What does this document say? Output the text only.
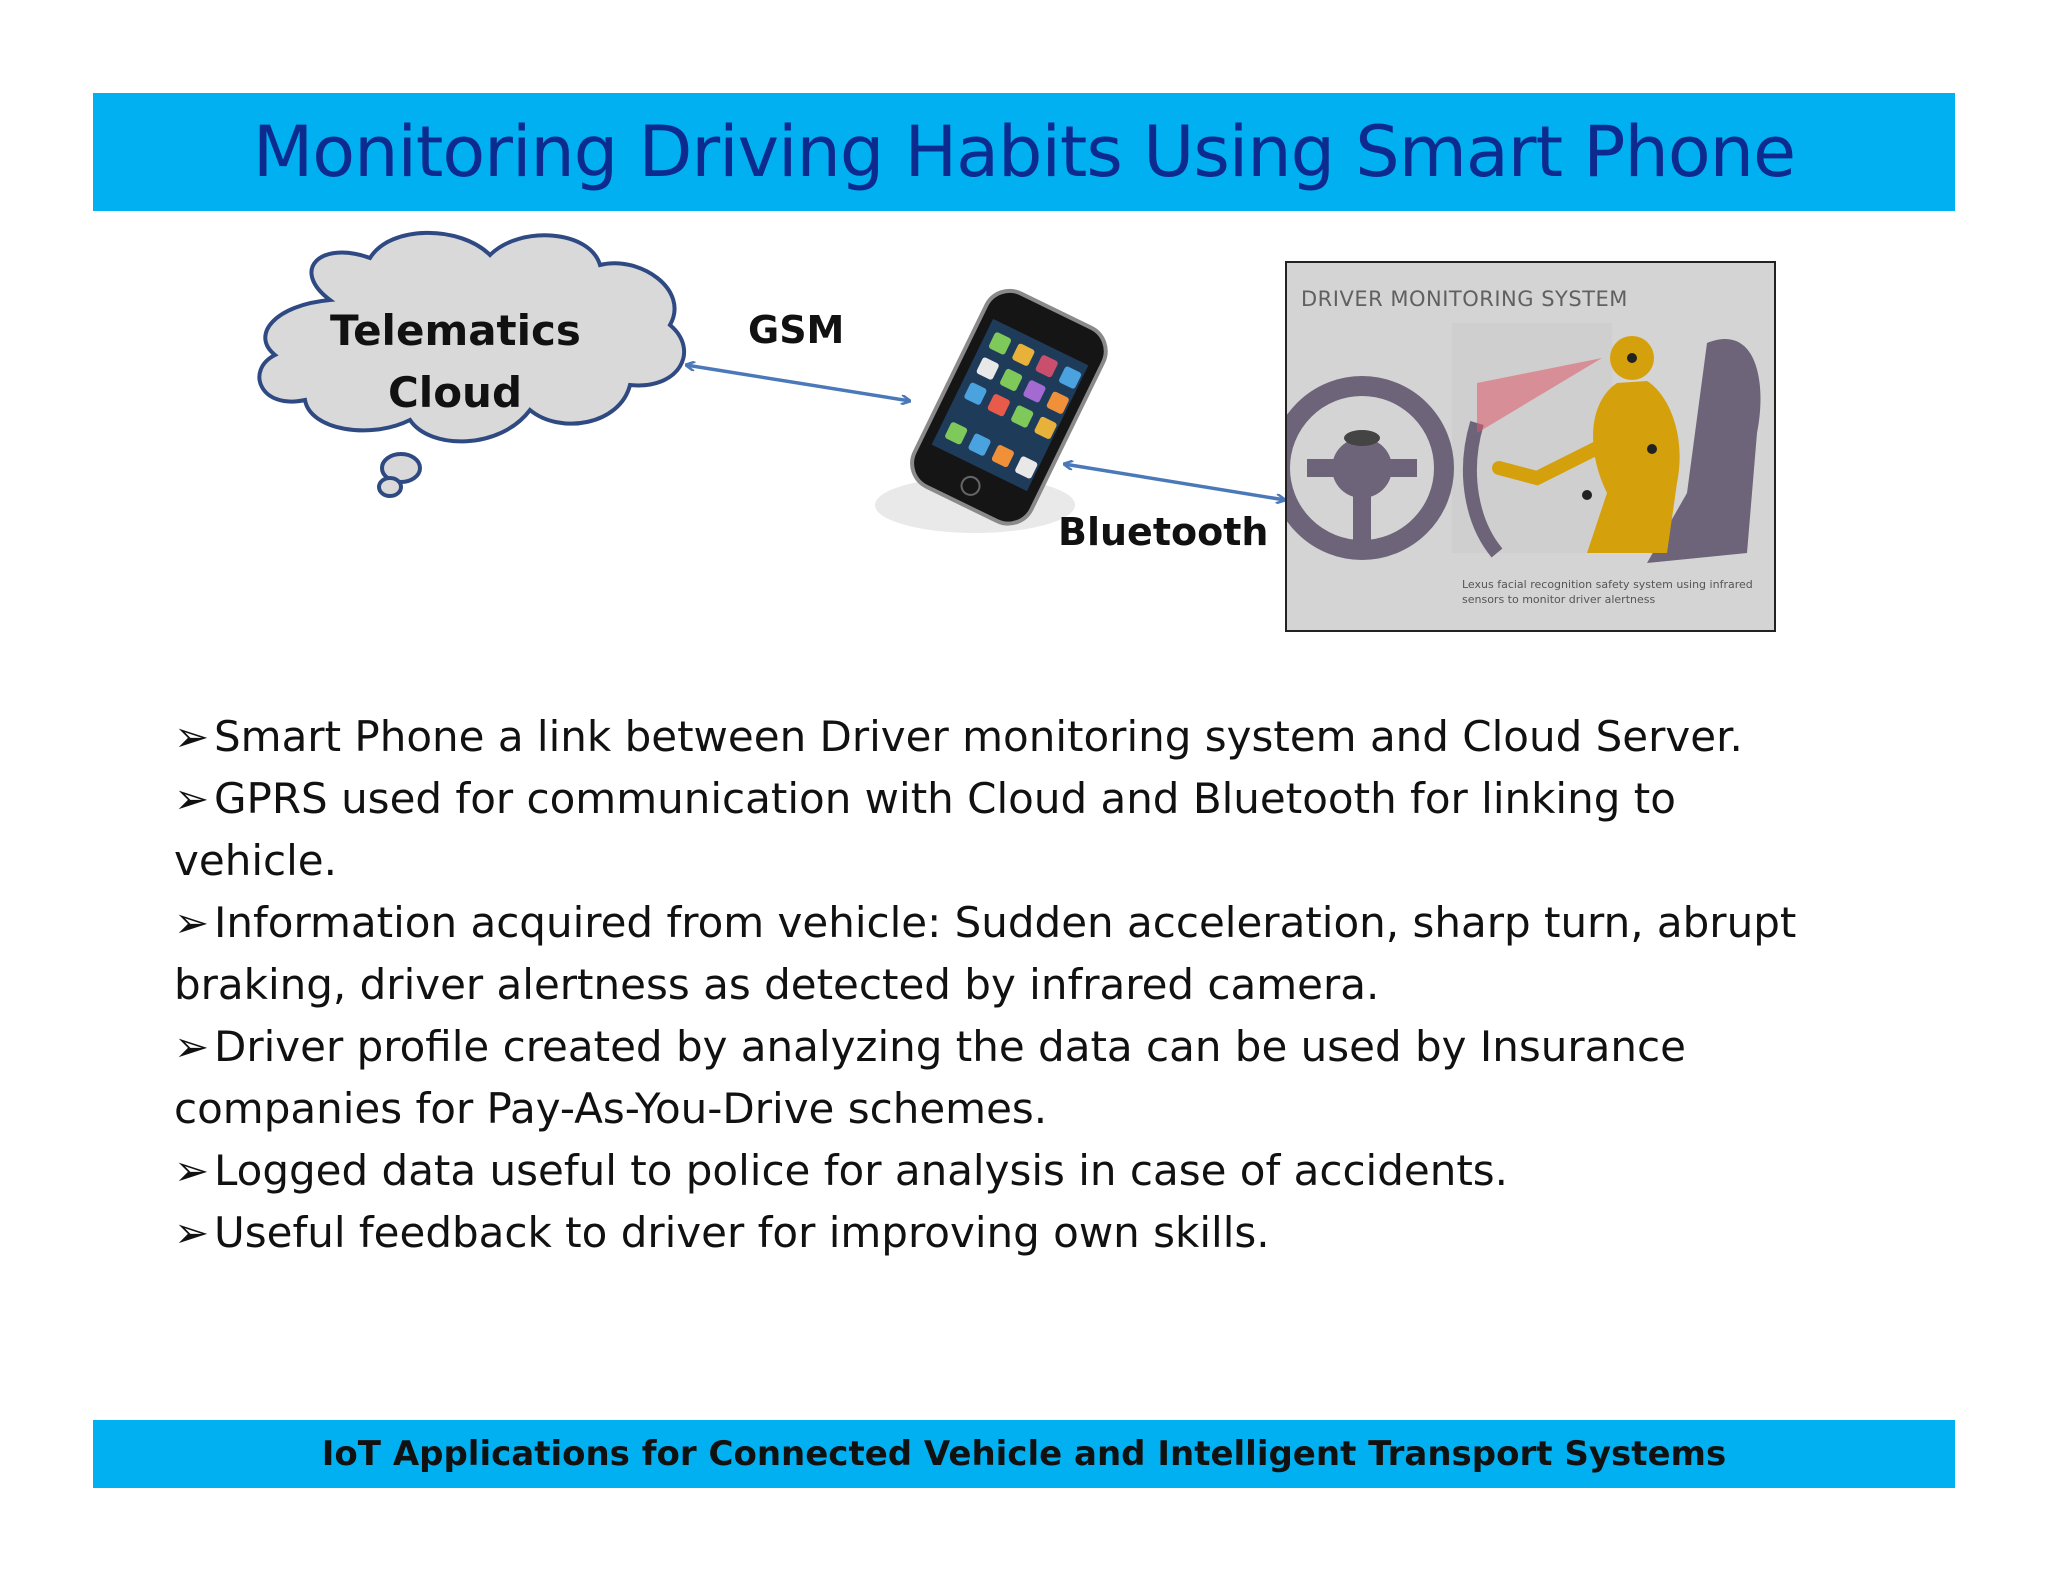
Monitoring Driving Habits Using Smart Phone
Telematics
Cloud
GSM
Bluetooth
DRIVER MONITORING SYSTEM
Lexus facial recognition safety system using infrared sensors to monitor driver alertness

➢ Smart Phone a link between Driver monitoring system and Cloud Server.

➢ GPRS used for communication with Cloud and Bluetooth for linking to vehicle.

➢ Information acquired from vehicle: Sudden acceleration, sharp turn, abrupt braking, driver alertness as detected by infrared camera.

➢ Driver profile created by analyzing the data can be used by Insurance companies for Pay-As-You-Drive schemes.

➢ Logged data useful to police for analysis in case of accidents.

➢ Useful feedback to driver for improving own skills.

IoT Applications for Connected Vehicle and Intelligent Transport Systems
